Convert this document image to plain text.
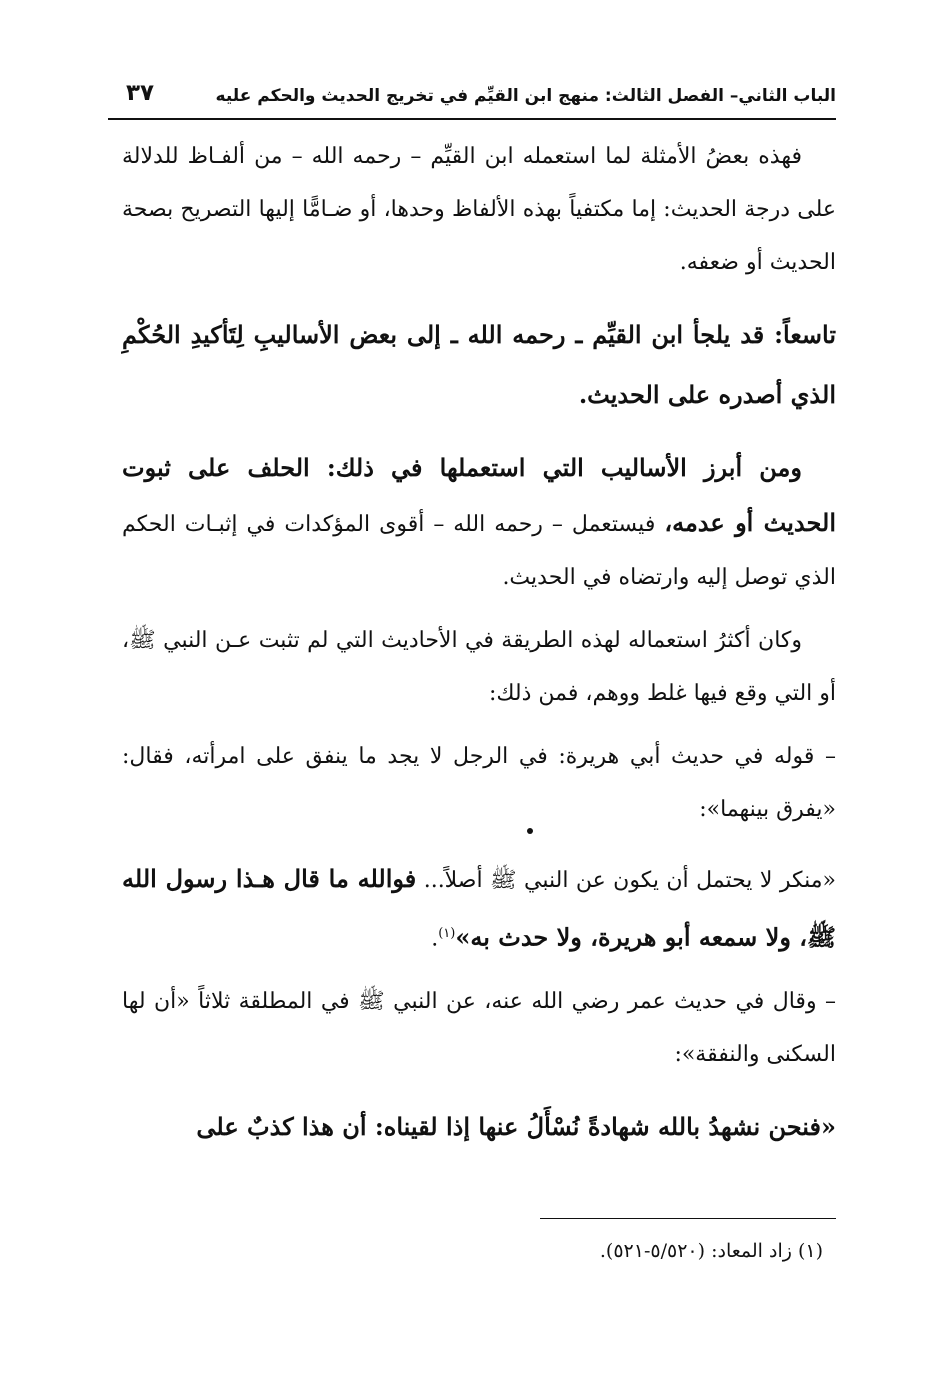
الباب الثاني– الفصل الثالث: منهج ابن القيِّم في تخريج الحديث والحكم عليه
٣٧

فهذه بعضُ الأمثلة لما استعمله ابن القيِّم – رحمه الله – من ألفـاظ للدلالة على درجة الحديث: إما مكتفياً بهذه الألفاظ وحدها، أو ضـامًّا إليها التصريح بصحة الحديث أو ضعفه.

تاسعاً: قد يلجأ ابن القيِّم ـ رحمه الله ـ إلى بعض الأساليبِ لِتَأكيدِ الحُكْمِ الذي أصدره على الحديث.

ومن أبرز الأساليب التي استعملها في ذلك: الحلف على ثبوت الحديث أو عدمه، فيستعمل – رحمه الله – أقوى المؤكدات في إثبـات الحكم الذي توصل إليه وارتضاه في الحديث.

وكان أكثرُ استعماله لهذه الطريقة في الأحاديث التي لم تثبت عـن النبي ﷺ، أو التي وقع فيها غلط ووهم، فمن ذلك:

– قوله في حديث أبي هريرة: في الرجل لا يجد ما ينفق على امرأته، فقال: «يفرق بينهما»:

«منكر لا يحتمل أن يكون عن النبي ﷺ أصلاً... فوالله ما قال هـذا رسول الله ﷺ، ولا سمعه أبو هريرة، ولا حدث به»$^{(١)}$.

– وقال في حديث عمر رضي الله عنه، عن النبي ﷺ في المطلقة ثلاثاً «أن لها السكنى والنفقة»:

«فنحن نشهدُ بالله شهادةً نُسْأَلُ عنها إذا لقيناه: أن هذا كذبٌ على

(١) زاد المعاد: (٥/٥٢٠-٥٢١).
